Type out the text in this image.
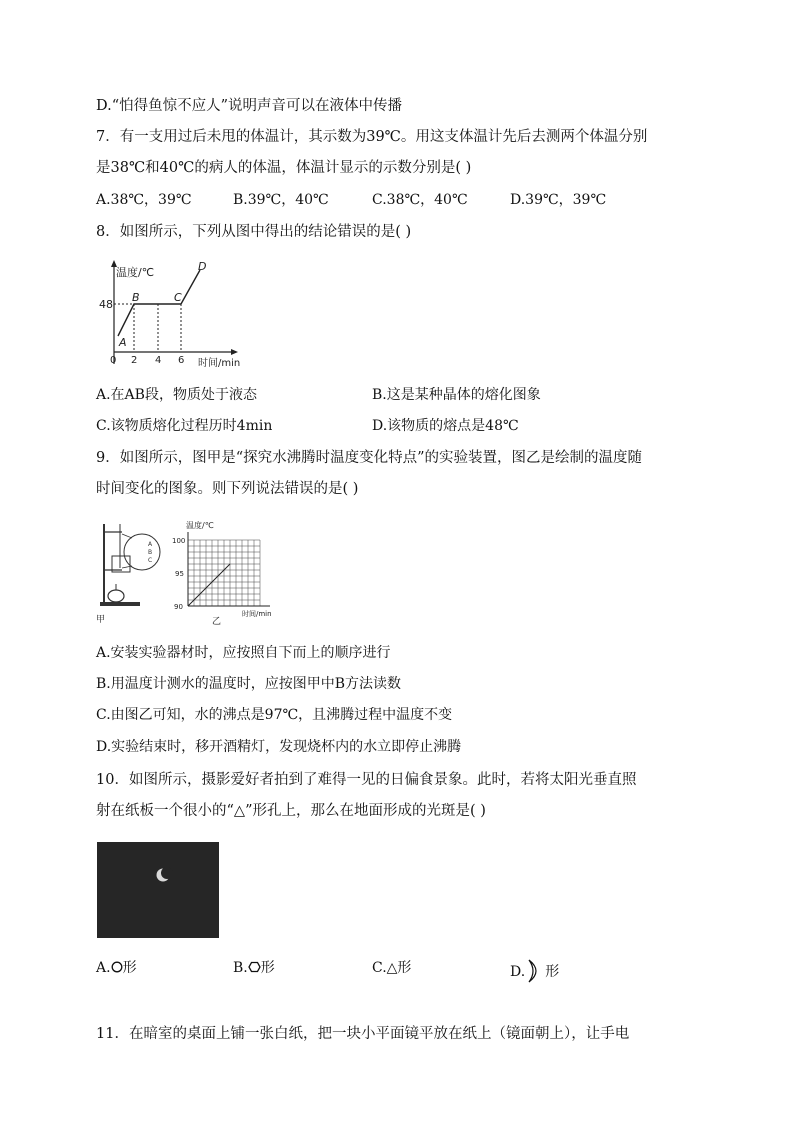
D.“怕得鱼惊不应人”说明声音可以在液体中传播
7．有一支用过后未甩的体温计，其示数为39℃。用这支体温计先后去测两个体温分别
是38℃和40℃的病人的体温，体温计显示的示数分别是( )
A.38℃，39℃	B.39℃，40℃	C.38℃，40℃	D.39℃，39℃
8．如图所示，下列从图中得出的结论错误的是( )
温度/℃
时间/min
48
0 2 4 6
A
B	C
D
A.在AB段，物质处于液态	B.这是某种晶体的熔化图象
C.该物质熔化过程历时4min	D.该物质的熔点是48℃
9．如图所示，图甲是“探究水沸腾时温度变化特点”的实验装置，图乙是绘制的温度随
时间变化的图象。则下列说法错误的是( )
A
B
C
甲
温度/℃
100
95
90
时间/min
乙
A.安装实验器材时，应按照自下而上的顺序进行
B.用温度计测水的温度时，应按图甲中B方法读数
C.由图乙可知，水的沸点是97℃，且沸腾过程中温度不变
D.实验结束时，移开酒精灯，发现烧杯内的水立即停止沸腾
10．如图所示，摄影爱好者拍到了难得一见的日偏食景象。此时，若将太阳光垂直照
射在纸板一个很小的“△”形孔上，那么在地面形成的光斑是( )
A. 形	B. 形	C.△形	D. 形
11．在暗室的桌面上铺一张白纸，把一块小平面镜平放在纸上（镜面朝上），让手电
